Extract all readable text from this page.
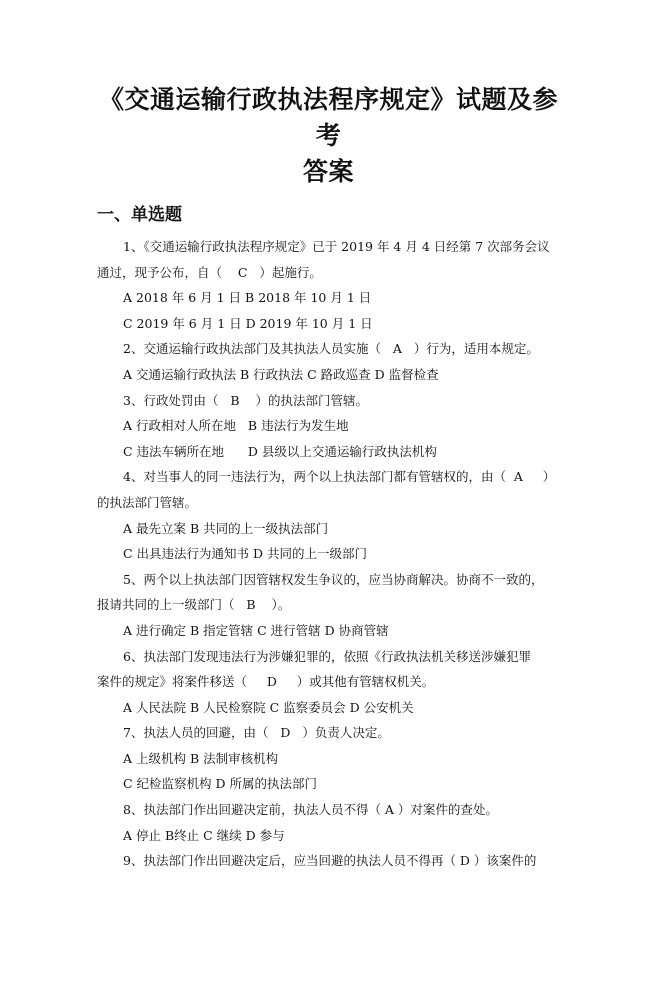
《交通运输行政执法程序规定》试题及参考
答案
一、单选题
1、《交通运输行政执法程序规定》已于 2019 年 4 月 4 日经第 7 次部务会议
通过，现予公布，自（    C   ）起施行。
A 2018 年 6 月 1 日 B 2018 年 10 月 1 日
C 2019 年 6 月 1 日 D 2019 年 10 月 1 日
2、交通运输行政执法部门及其执法人员实施（   A   ）行为，适用本规定。
A 交通运输行政执法 B 行政执法 C 路政巡查 D 监督检查
3、行政处罚由（   B    ）的执法部门管辖。
A 行政相对人所在地   B 违法行为发生地
C 违法车辆所在地      D 县级以上交通运输行政执法机构
4、对当事人的同一违法行为，两个以上执法部门都有管辖权的，由（  A     ）
的执法部门管辖。
A 最先立案 B 共同的上一级执法部门
C 出具违法行为通知书 D 共同的上一级部门
5、两个以上执法部门因管辖权发生争议的，应当协商解决。协商不一致的，
报请共同的上一级部门（   B    ）。
A 进行确定 B 指定管辖 C 进行管辖 D 协商管辖
6、执法部门发现违法行为涉嫌犯罪的，依照《行政执法机关移送涉嫌犯罪
案件的规定》将案件移送（     D     ）或其他有管辖权机关。
A 人民法院 B 人民检察院 C 监察委员会 D 公安机关
7、执法人员的回避，由（   D   ）负责人决定。
A 上级机构 B 法制审核机构
C 纪检监察机构 D 所属的执法部门
8、执法部门作出回避决定前，执法人员不得（ A ）对案件的查处。
A 停止 B终止 C 继续 D 参与
9、执法部门作出回避决定后，应当回避的执法人员不得再（ D ）该案件的
